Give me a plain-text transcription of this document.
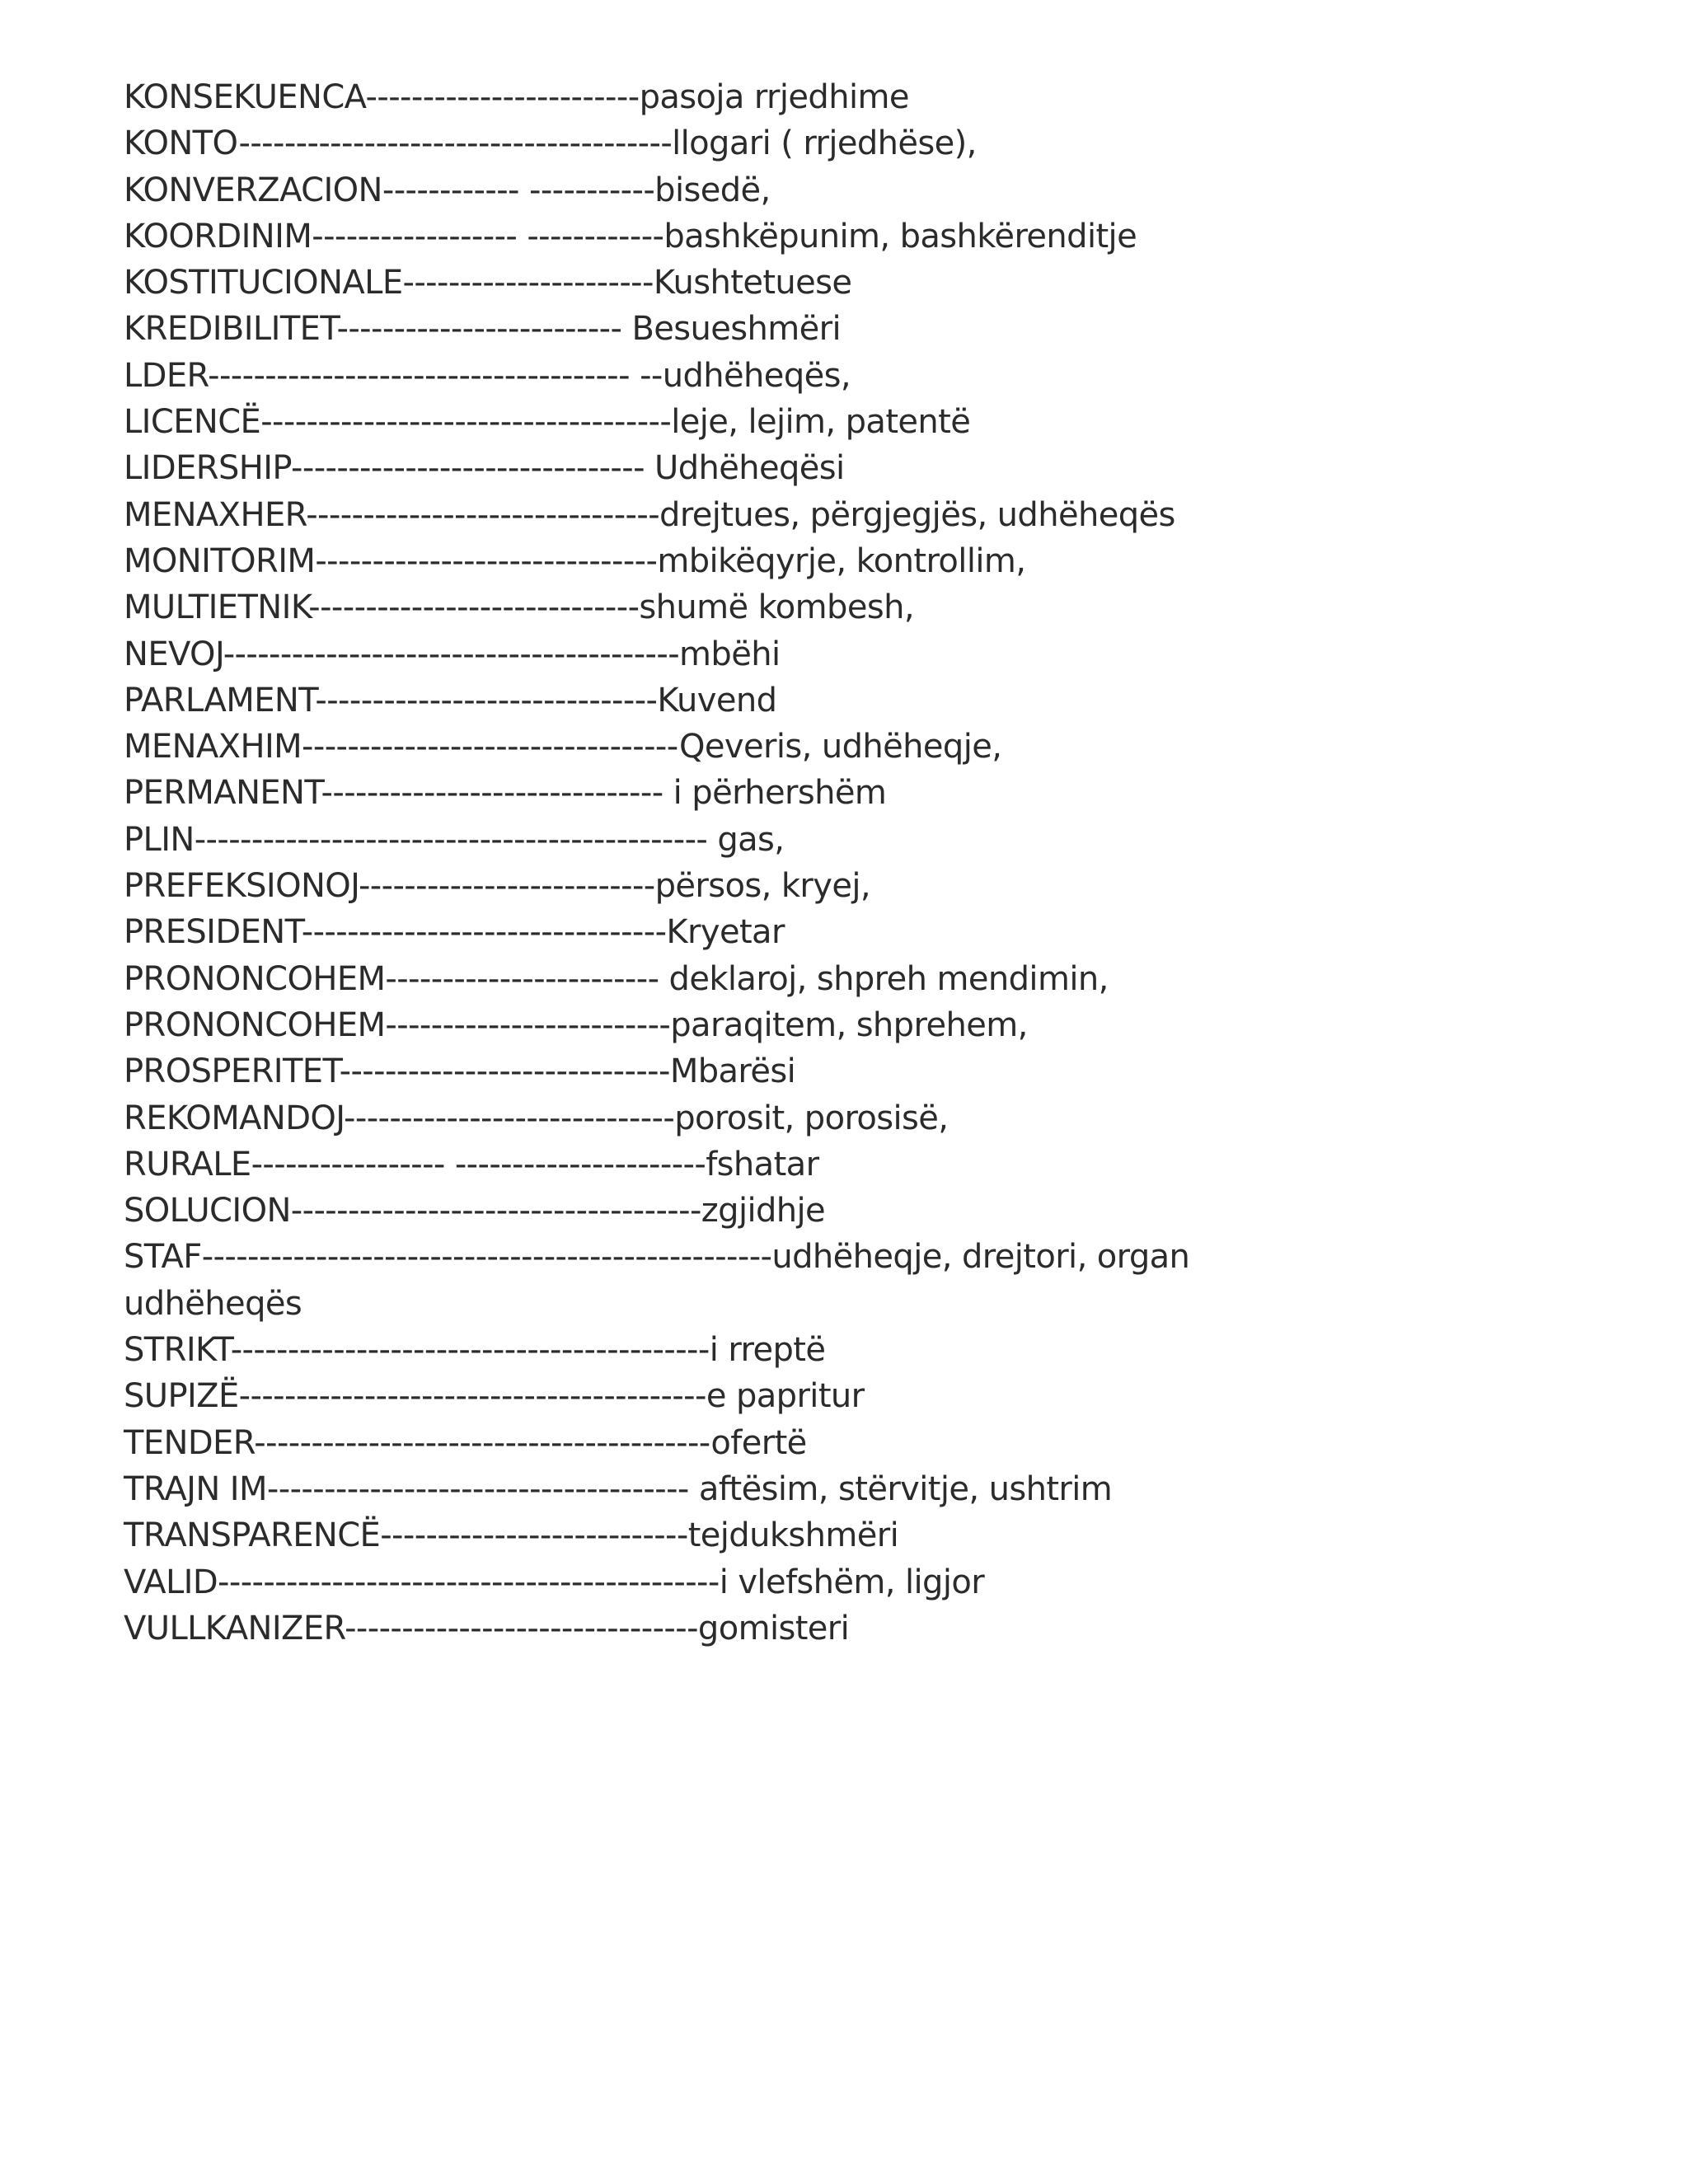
KONSEKUENCA------------------------pasoja rrjedhime
KONTO--------------------------------------llogari ( rrjedhëse),
KONVERZACION------------ -----------bisedë,
KOORDINIM------------------ ------------bashkëpunim, bashkërenditje
KOSTITUCIONALE----------------------Kushtetuese
KREDIBILITET------------------------- Besueshmëri
LDER------------------------------------- --udhëheqës,
LICENCË------------------------------------leje, lejim, patentë
LIDERSHIP------------------------------- Udhëheqësi
MENAXHER-------------------------------drejtues, përgjegjës, udhëheqës
MONITORIM------------------------------mbikëqyrje, kontrollim,
MULTIETNIK-----------------------------shumë kombesh,
NEVOJ----------------------------------------mbëhi
PARLAMENT------------------------------Kuvend
MENAXHIM---------------------------------Qeveris, udhëheqje,
PERMANENT------------------------------ i përhershëm
PLIN--------------------------------------------- gas,
PREFEKSIONOJ--------------------------përsos, kryej,
PRESIDENT--------------------------------Kryetar
PRONONCOHEM------------------------ deklaroj, shpreh mendimin,
PRONONCOHEM-------------------------paraqitem, shprehem,
PROSPERITET-----------------------------Mbarësi
REKOMANDOJ-----------------------------porosit, porosisë,
RURALE----------------- ----------------------fshatar
SOLUCION------------------------------------zgjidhje
STAF--------------------------------------------------udhëheqje, drejtori, organ udhëheqës
STRIKT------------------------------------------i rreptë
SUPIZË-----------------------------------------e papritur
TENDER----------------------------------------ofertë
TRAJN IM------------------------------------- aftësim, stërvitje, ushtrim
TRANSPARENCË---------------------------tejdukshmëri
VALID--------------------------------------------i vlefshëm, ligjor
VULLKANIZER-------------------------------gomisteri
